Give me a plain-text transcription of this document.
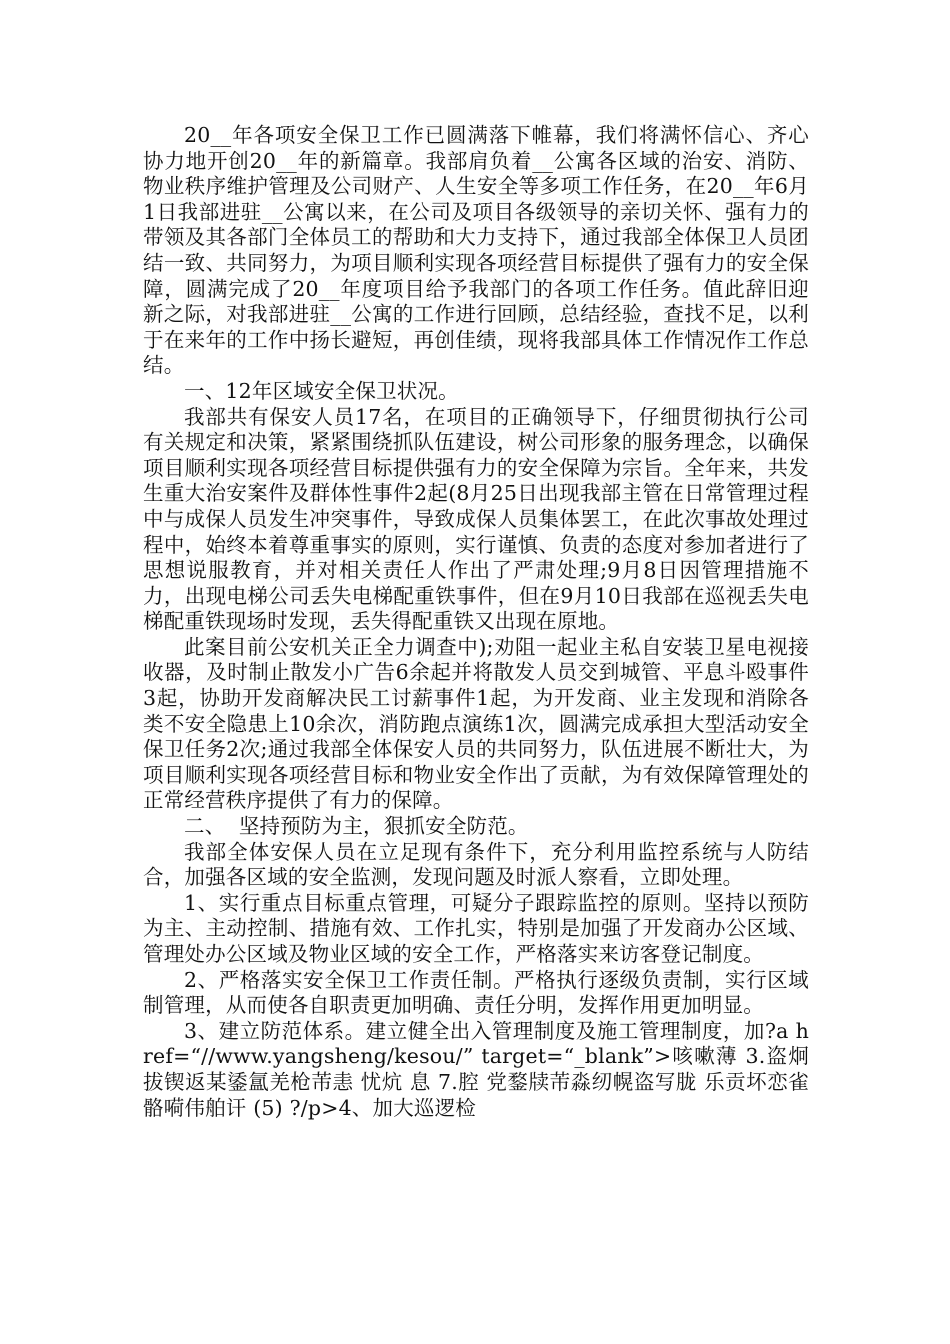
20__年各项安全保卫工作已圆满落下帷幕，我们将满怀信心、齐心协力地开创20__年的新篇章。我部肩负着__公寓各区域的治安、消防、物业秩序维护管理及公司财产、人生安全等多项工作任务，在20__年6月1日我部进驻__公寓以来，在公司及项目各级领导的亲切关怀、强有力的带领及其各部门全体员工的帮助和大力支持下，通过我部全体保卫人员团结一致、共同努力，为项目顺利实现各项经营目标提供了强有力的安全保障，圆满完成了20__年度项目给予我部门的各项工作任务。值此辞旧迎新之际，对我部进驻__公寓的工作进行回顾，总结经验，查找不足，以利于在来年的工作中扬长避短，再创佳绩，现将我部具体工作情况作工作总结。

一、12年区域安全保卫状况。

我部共有保安人员17名，在项目的正确领导下，仔细贯彻执行公司有关规定和决策，紧紧围绕抓队伍建设，树公司形象的服务理念，以确保项目顺利实现各项经营目标提供强有力的安全保障为宗旨。全年来，共发生重大治安案件及群体性事件2起(8月25日出现我部主管在日常管理过程中与成保人员发生冲突事件，导致成保人员集体罢工，在此次事故处理过程中，始终本着尊重事实的原则，实行谨慎、负责的态度对参加者进行了思想说服教育，并对相关责任人作出了严肃处理;9月8日因管理措施不力，出现电梯公司丢失电梯配重铁事件，但在9月10日我部在巡视丢失电梯配重铁现场时发现，丢失得配重铁又出现在原地。

此案目前公安机关正全力调查中);劝阻一起业主私自安装卫星电视接收器，及时制止散发小广告6余起并将散发人员交到城管、平息斗殴事件3起，协助开发商解决民工讨薪事件1起，为开发商、业主发现和消除各类不安全隐患上10余次，消防跑点演练1次，圆满完成承担大型活动安全保卫任务2次;通过我部全体保安人员的共同努力，队伍进展不断壮大，为项目顺利实现各项经营目标和物业安全作出了贡献，为有效保障管理处的正常经营秩序提供了有力的保障。

二、  坚持预防为主，狠抓安全防范。

我部全体安保人员在立足现有条件下，充分利用监控系统与人防结合，加强各区域的安全监测，发现问题及时派人察看，立即处理。

1、实行重点目标重点管理，可疑分子跟踪监控的原则。坚持以预防为主、主动控制、措施有效、工作扎实，特别是加强了开发商办公区域、管理处办公区域及物业区域的安全工作，严格落实来访客登记制度。

2、严格落实安全保卫工作责任制。严格执行逐级负责制，实行区域制管理，从而使各自职责更加明确、责任分明，发挥作用更加明显。

3、建立防范体系。建立健全出入管理制度及施工管理制度，加?a href=“//www.yangsheng/kesou/” target=“_blank”>咳嗽薄 3.盗炯拔锲返某鋈氲羌枪芾恚 忧炕 息 7.腔 党鍪牍芾淼纫幌盗写胧 乐贡坏恋雀骼嗬伟舶讦 (5) ?/p>4、加大巡逻检
